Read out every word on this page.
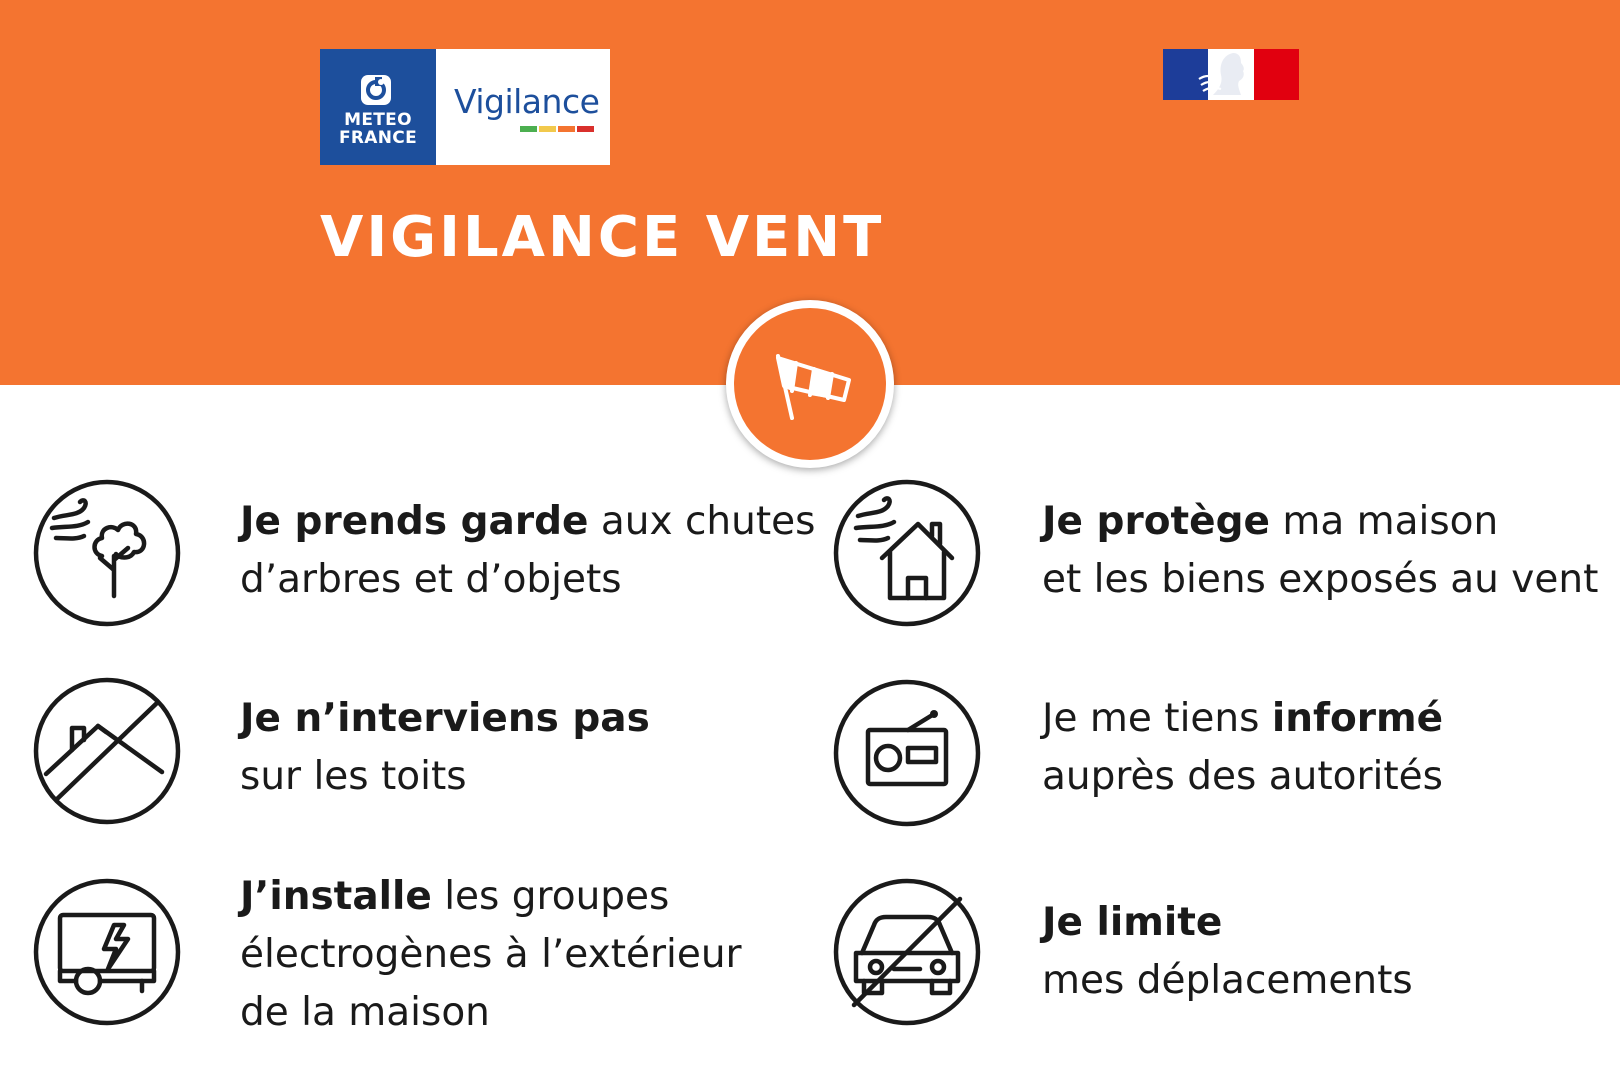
METEO
FRANCE
Vigilance
VIGILANCE VENT
Je prends garde aux chutes
d’arbres et d’objets
Je protège ma maison
et les biens exposés au vent
Je n’interviens pas
sur les toits
Je me tiens informé
auprès des autorités
J’installe les groupes
électrogènes à l’extérieur
de la maison
Je limite
mes déplacements
